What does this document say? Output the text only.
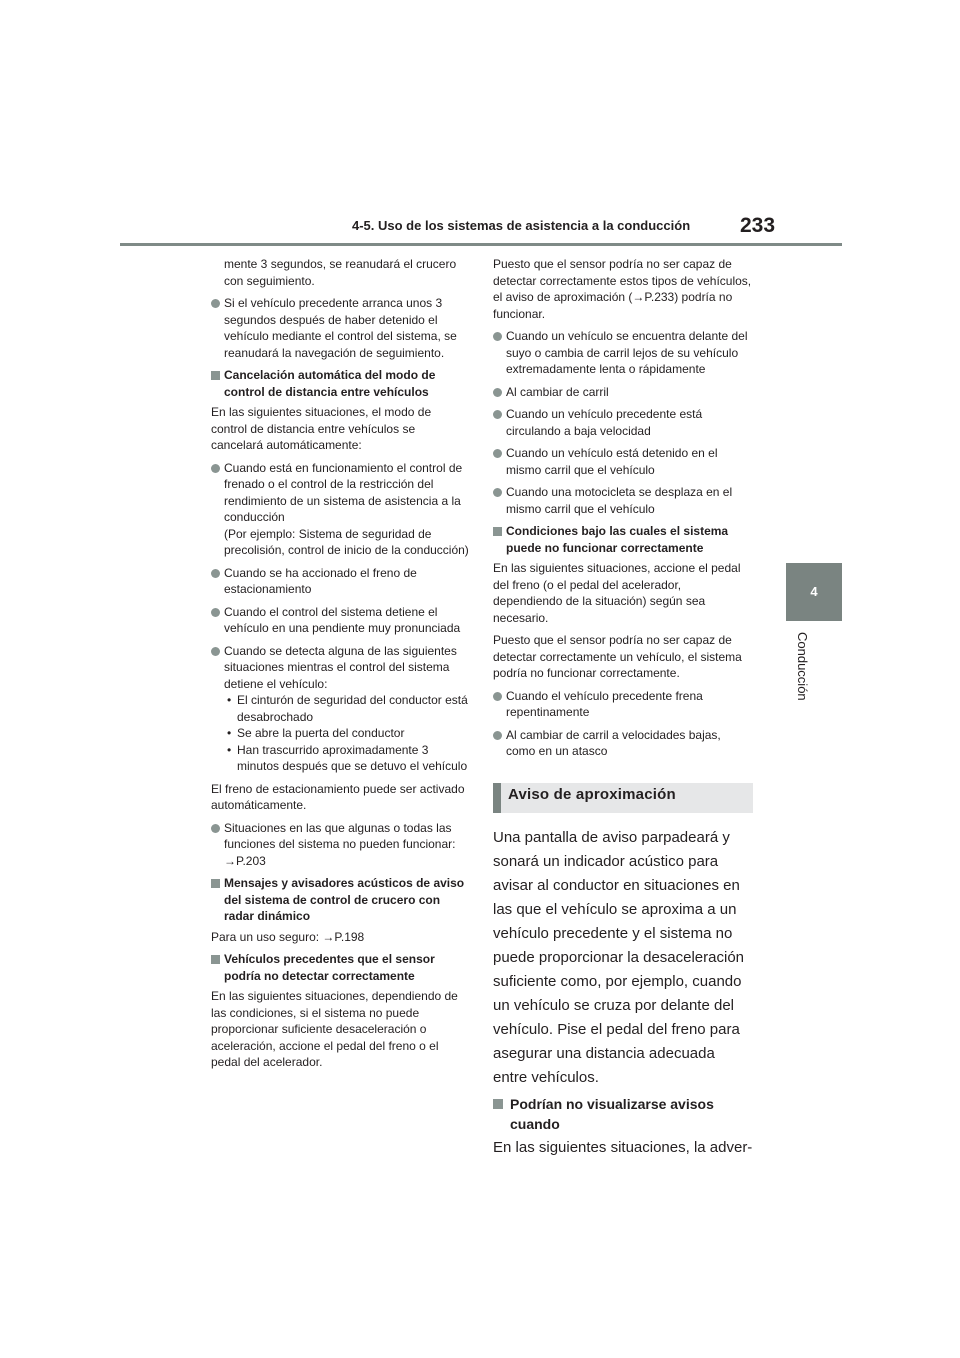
4-5. Uso de los sistemas de asistencia a la conducción 233
4
Conducción

mente 3 segundos, se reanudará el crucero con seguimiento.

Si el vehículo precedente arranca unos 3 segundos después de haber detenido el vehículo mediante el control del sistema, se reanudará la navegación de seguimiento.
Cancelación automática del modo de control de distancia entre vehículos

En las siguientes situaciones, el modo de control de distancia entre vehículos se cancelará automáticamente:

Cuando está en funcionamiento el control de frenado o el control de la restricción del rendimiento de un sistema de asistencia a la conducción

(Por ejemplo: Sistema de seguridad de precolisión, control de inicio de la conducción)

Cuando se ha accionado el freno de estacionamiento
Cuando el control del sistema detiene el vehículo en una pendiente muy pronunciada
Cuando se detecta alguna de las siguientes situaciones mientras el control del sistema detiene el vehículo:
• El cinturón de seguridad del conductor está desabrochado
• Se abre la puerta del conductor
• Han trascurrido aproximadamente 3 minutos después que se detuvo el vehículo

El freno de estacionamiento puede ser activado automáticamente.

Situaciones en las que algunas o todas las funciones del sistema no pueden funcionar: →P.203
Mensajes y avisadores acústicos de aviso del sistema de control de crucero con radar dinámico

Para un uso seguro: →P.198

Vehículos precedentes que el sensor podría no detectar correctamente

En las siguientes situaciones, dependiendo de las condiciones, si el sistema no puede proporcionar suficiente desaceleración o aceleración, accione el pedal del freno o el pedal del acelerador.

Puesto que el sensor podría no ser capaz de detectar correctamente estos tipos de vehículos, el aviso de aproximación (→P.233) podría no funcionar.

Cuando un vehículo se encuentra delante del suyo o cambia de carril lejos de su vehículo extremadamente lenta o rápidamente
Al cambiar de carril
Cuando un vehículo precedente está circulando a baja velocidad
Cuando un vehículo está detenido en el mismo carril que el vehículo
Cuando una motocicleta se desplaza en el mismo carril que el vehículo
Condiciones bajo las cuales el sistema puede no funcionar correctamente

En las siguientes situaciones, accione el pedal del freno (o el pedal del acelerador, dependiendo de la situación) según sea necesario.

Puesto que el sensor podría no ser capaz de detectar correctamente un vehículo, el sistema podría no funcionar correctamente.

Cuando el vehículo precedente frena repentinamente
Al cambiar de carril a velocidades bajas, como en un atasco
Aviso de aproximación

Una pantalla de aviso parpadeará y sonará un indicador acústico para avisar al conductor en situaciones en las que el vehículo se aproxima a un vehículo precedente y el sistema no puede proporcionar la desaceleración suficiente como, por ejemplo, cuando un vehículo se cruza por delante del vehículo. Pise el pedal del freno para asegurar una distancia adecuada entre vehículos.

Podrían no visualizarse avisos cuando

En las siguientes situaciones, la adver-
